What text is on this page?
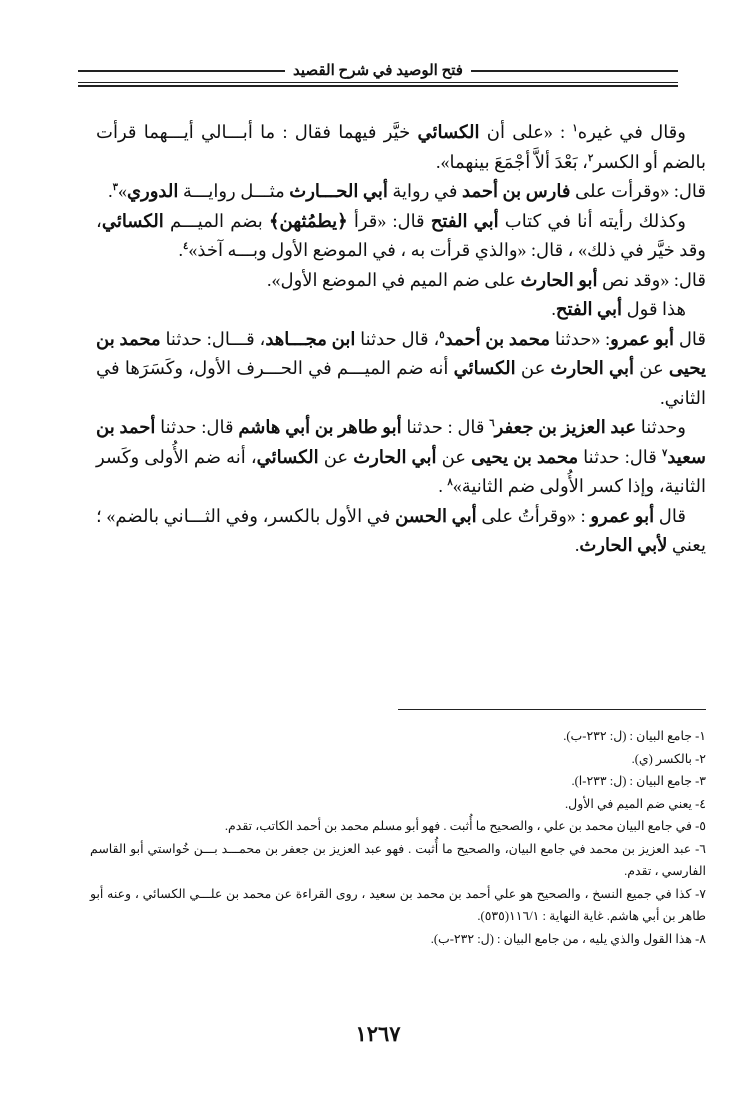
فتح الوصيد في شرح القصيد

وقال في غيره$^١$ : «على أن الكسائي خيَّر فيهما فقال : ما أبـــالي أيـــهما قرأت بالضم أو الكسر$^٢$، بَعْدَ ألاَّ أجْمَعَ بينهما».

قال: «وقرأت على فارس بن أحمد في رواية أبي الحـــارث مثـــل روايـــة الدوري»$^٣$.

وكذلك رأيته أنا في كتاب أبي الفتح قال: «قرأ ﴿يطمُثهن﴾ بضم الميـــم الكسائي، وقد خيَّر في ذلك» ، قال: «والذي قرأت به ، في الموضع الأول وبـــه آخذ»$^٤$.

قال: «وقد نص أبو الحارث على ضم الميم في الموضع الأول».

هذا قول أبي الفتح.

قال أبو عمرو: «حدثنا محمد بن أحمد$^٥$، قال حدثنا ابن مجـــاهد، قـــال: حدثنا محمد بن يحيى عن أبي الحارث عن الكسائي أنه ضم الميـــم في الحـــرف الأول، وكَسَرَها في الثاني.

وحدثنا عبد العزيز بن جعفر$^٦$ قال : حدثنا أبو طاهر بن أبي هاشم قال: حدثنا أحمد بن سعيد$^٧$ قال: حدثنا محمد بن يحيى عن أبي الحارث عن الكسائي، أنه ضم الأُولى وكَسر الثانية، وإذا كسر الأُولى ضم الثانية»$^٨$ .

قال أبو عمرو : «وقرأتُ على أبي الحسن في الأول بالكسر، وفي الثـــاني بالضم» ؛ يعني لأبي الحارث.

١- جامع البيان : (ل: ٢٣٢-ب).
٢- بالكسر (ي).
٣- جامع البيان : (ل: ٢٣٣-ا).
٤- يعني ضم الميم في الأول.
٥- في جامع البيان محمد بن علي ، والصحيح ما أُثبت . فهو أبو مسلم محمد بن أحمد الكاتب، تقدم.
٦- عبد العزيز بن محمد في جامع البيان، والصحيح ما أُثبت . فهو عبد العزيز بن جعفر بن محمـــد بـــن خُواستي أبو القاسم الفارسي ، تقدم.
٧- كذا في جميع النسخ ، والصحيح هو علي أحمد بن محمد بن سعيد ، روى القراءة عن محمد بن علـــي الكسائي ، وعنه أبو طاهر بن أبي هاشم. غاية النهاية : ١١٦/١(٥٣٥).
٨- هذا القول والذي يليه ، من جامع البيان : (ل: ٢٣٢-ب).
١٢٦٧
